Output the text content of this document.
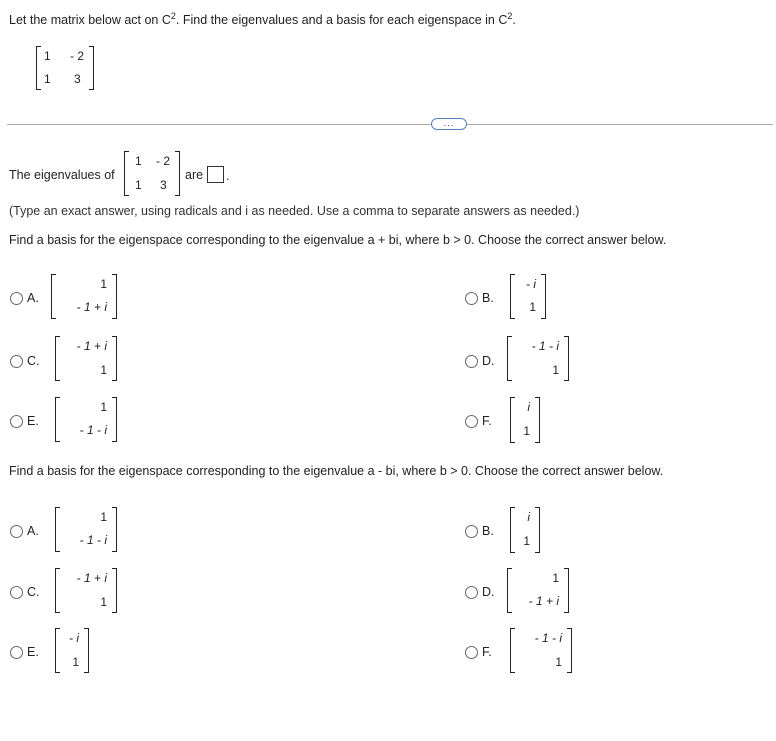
Let the matrix below act on $C^2$. Find the eigenvalues and a basis for each eigenspace in $C^2$.
1 - 2
1 3
...
The eigenvalues of
1 - 2
1 3
are .
(Type an exact answer, using radicals and i as needed. Use a comma to separate answers as needed.)
Find a basis for the eigenspace corresponding to the eigenvalue a + bi, where b > 0. Choose the correct answer below.
A.
1
- 1 + i
B.
- i
1
C.
- 1 + i
1
D.
- 1 - i
1
E.
1
- 1 - i
F.
i
1
Find a basis for the eigenspace corresponding to the eigenvalue a - bi, where b > 0. Choose the correct answer below.
A.
1
- 1 - i
B.
i
1
C.
- 1 + i
1
D.
1
- 1 + i
E.
- i
1
F.
- 1 - i
1
